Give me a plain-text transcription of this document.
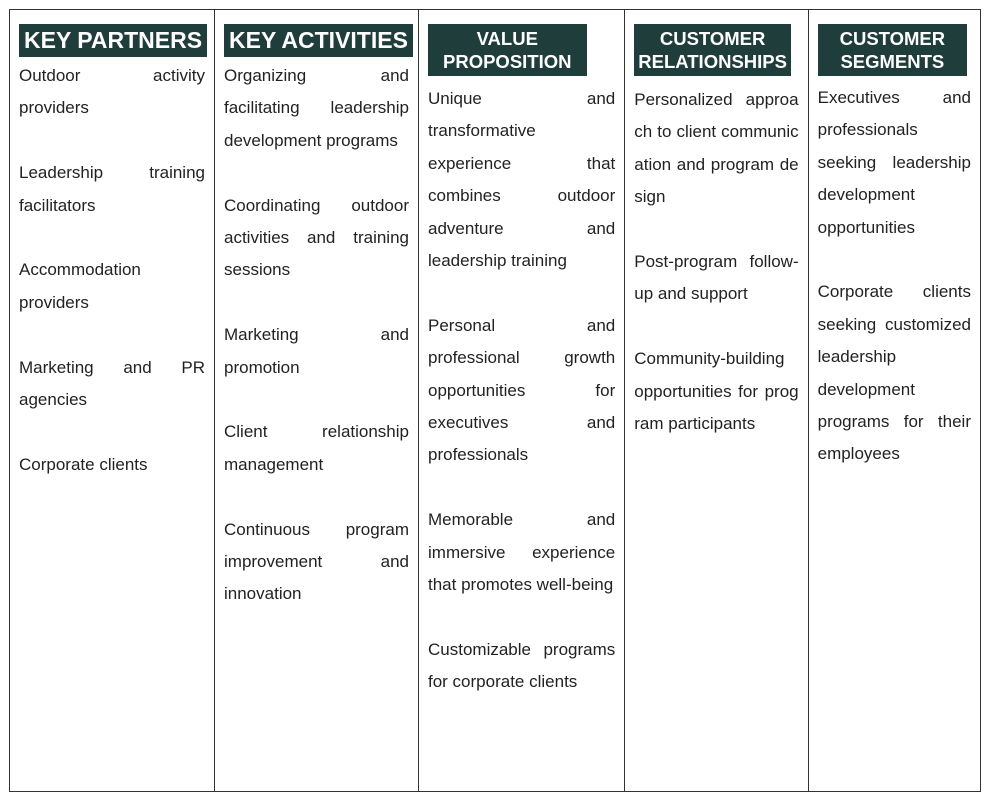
KEY PARTNERS
Outdoor activity providers
Leadership training facilitators
Accommodation providers
Marketing and PR agencies
Corporate clients
KEY ACTIVITIES
Organizing and facilitating leadership development programs
Coordinating outdoor activities and training sessions
Marketing and promotion
Client relationship management
Continuous program improvement and innovation
VALUE
PROPOSITION
Unique and transformative experience that combines outdoor adventure and leadership training
Personal and professional growth opportunities for executives and professionals
Memorable and immersive experience that promotes well-being
Customizable programs for corporate clients
CUSTOMER
RELATIONSHIPS
Personalized approach to client communication and program design
Post-program follow-up and support
Community-building opportunities for program participants
CUSTOMER
SEGMENTS
Executives and professionals seeking leadership development opportunities
Corporate clients seeking customized leadership development programs for their employees
